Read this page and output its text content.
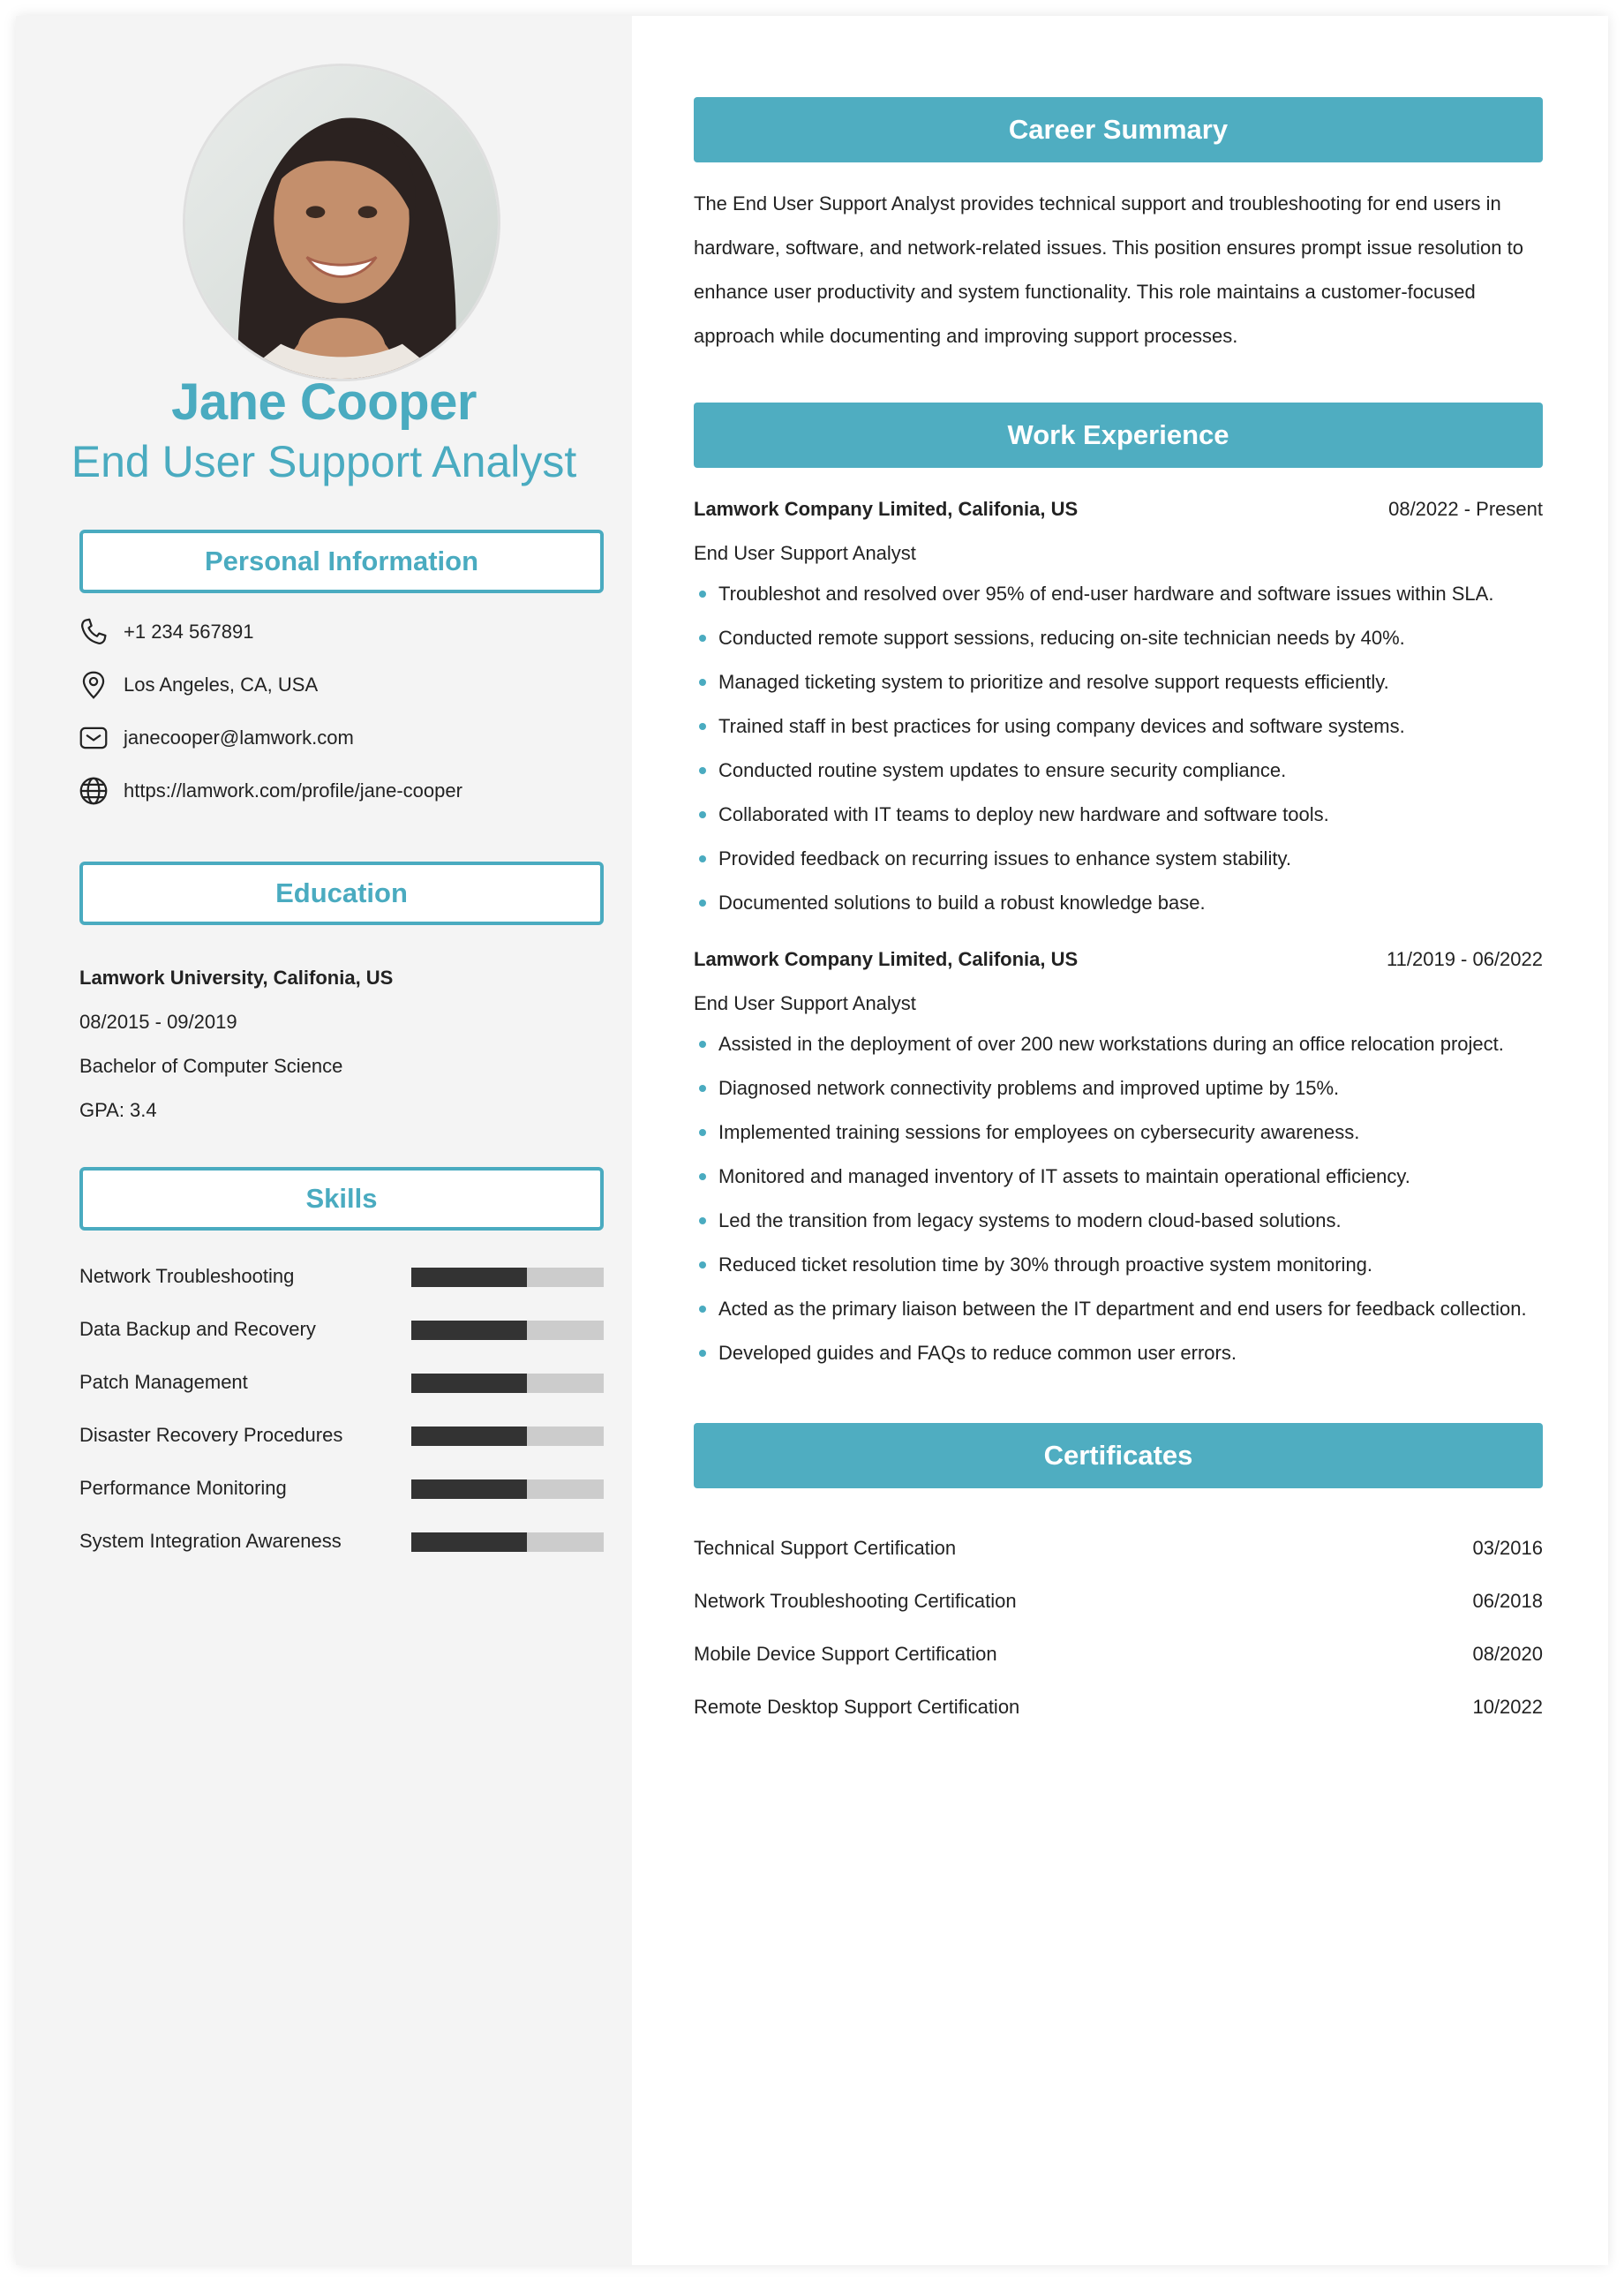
Jane Cooper
End User Support Analyst
Personal Information
+1 234 567891
Los Angeles, CA, USA
janecooper@lamwork.com
https://lamwork.com/profile/jane-cooper
Education
Lamwork University, Califonia, US
08/2015 - 09/2019
Bachelor of Computer Science
GPA: 3.4
Skills
Network Troubleshooting
Data Backup and Recovery
Patch Management
Disaster Recovery Procedures
Performance Monitoring
System Integration Awareness
Career Summary
The End User Support Analyst provides technical support and troubleshooting for end users in hardware, software, and network-related issues. This position ensures prompt issue resolution to enhance user productivity and system functionality. This role maintains a customer-focused approach while documenting and improving support processes.
Work Experience
Lamwork Company Limited, Califonia, US	08/2022 - Present
End User Support Analyst
Troubleshot and resolved over 95% of end-user hardware and software issues within SLA.
Conducted remote support sessions, reducing on-site technician needs by 40%.
Managed ticketing system to prioritize and resolve support requests efficiently.
Trained staff in best practices for using company devices and software systems.
Conducted routine system updates to ensure security compliance.
Collaborated with IT teams to deploy new hardware and software tools.
Provided feedback on recurring issues to enhance system stability.
Documented solutions to build a robust knowledge base.
Lamwork Company Limited, Califonia, US	11/2019 - 06/2022
End User Support Analyst
Assisted in the deployment of over 200 new workstations during an office relocation project.
Diagnosed network connectivity problems and improved uptime by 15%.
Implemented training sessions for employees on cybersecurity awareness.
Monitored and managed inventory of IT assets to maintain operational efficiency.
Led the transition from legacy systems to modern cloud-based solutions.
Reduced ticket resolution time by 30% through proactive system monitoring.
Acted as the primary liaison between the IT department and end users for feedback collection.
Developed guides and FAQs to reduce common user errors.
Certificates
Technical Support Certification	03/2016
Network Troubleshooting Certification	06/2018
Mobile Device Support Certification	08/2020
Remote Desktop Support Certification	10/2022
